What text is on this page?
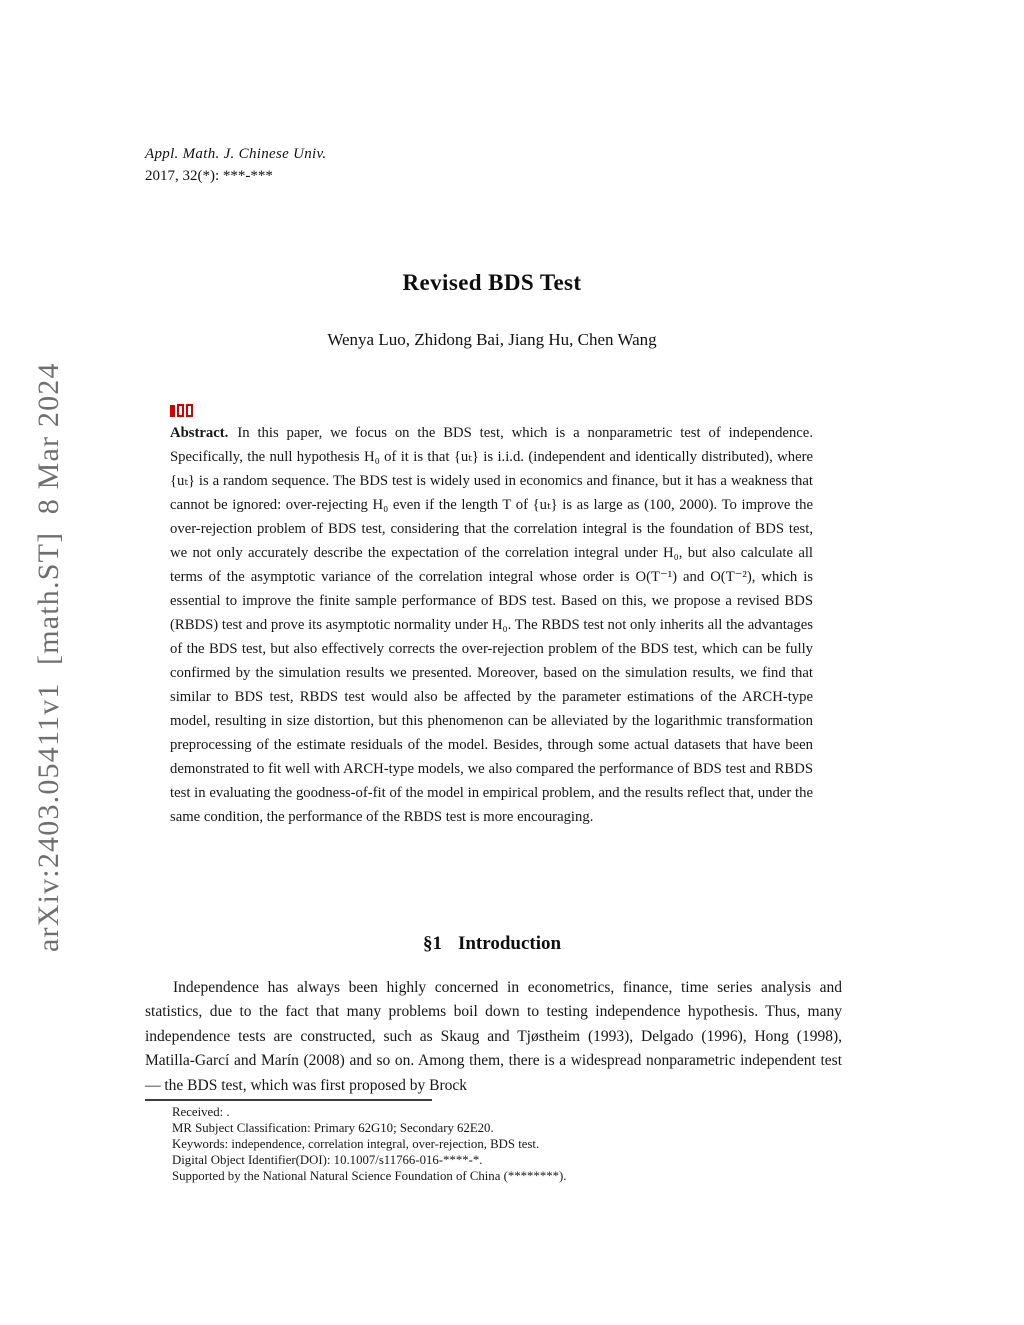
Appl. Math. J. Chinese Univ.
2017, 32(*): ***-***
arXiv:2403.05411v1  [math.ST]  8 Mar 2024
Revised BDS Test
Wenya Luo, Zhidong Bai, Jiang Hu, Chen Wang
Abstract. In this paper, we focus on the BDS test, which is a nonparametric test of independence. Specifically, the null hypothesis H₀ of it is that {uₜ} is i.i.d. (independent and identically distributed), where {uₜ} is a random sequence. The BDS test is widely used in economics and finance, but it has a weakness that cannot be ignored: over-rejecting H₀ even if the length T of {uₜ} is as large as (100, 2000). To improve the over-rejection problem of BDS test, considering that the correlation integral is the foundation of BDS test, we not only accurately describe the expectation of the correlation integral under H₀, but also calculate all terms of the asymptotic variance of the correlation integral whose order is O(T⁻¹) and O(T⁻²), which is essential to improve the finite sample performance of BDS test. Based on this, we propose a revised BDS (RBDS) test and prove its asymptotic normality under H₀. The RBDS test not only inherits all the advantages of the BDS test, but also effectively corrects the over-rejection problem of the BDS test, which can be fully confirmed by the simulation results we presented. Moreover, based on the simulation results, we find that similar to BDS test, RBDS test would also be affected by the parameter estimations of the ARCH-type model, resulting in size distortion, but this phenomenon can be alleviated by the logarithmic transformation preprocessing of the estimate residuals of the model. Besides, through some actual datasets that have been demonstrated to fit well with ARCH-type models, we also compared the performance of BDS test and RBDS test in evaluating the goodness-of-fit of the model in empirical problem, and the results reflect that, under the same condition, the performance of the RBDS test is more encouraging.
§1 Introduction
Independence has always been highly concerned in econometrics, finance, time series analysis and statistics, due to the fact that many problems boil down to testing independence hypothesis. Thus, many independence tests are constructed, such as Skaug and Tjøstheim (1993), Delgado (1996), Hong (1998), Matilla-Garcí and Marín (2008) and so on. Among them, there is a widespread nonparametric independent test — the BDS test, which was first proposed by Brock
Received: .
MR Subject Classification: Primary 62G10; Secondary 62E20.
Keywords: independence, correlation integral, over-rejection, BDS test.
Digital Object Identifier(DOI): 10.1007/s11766-016-****-*.
Supported by the National Natural Science Foundation of China (********).
